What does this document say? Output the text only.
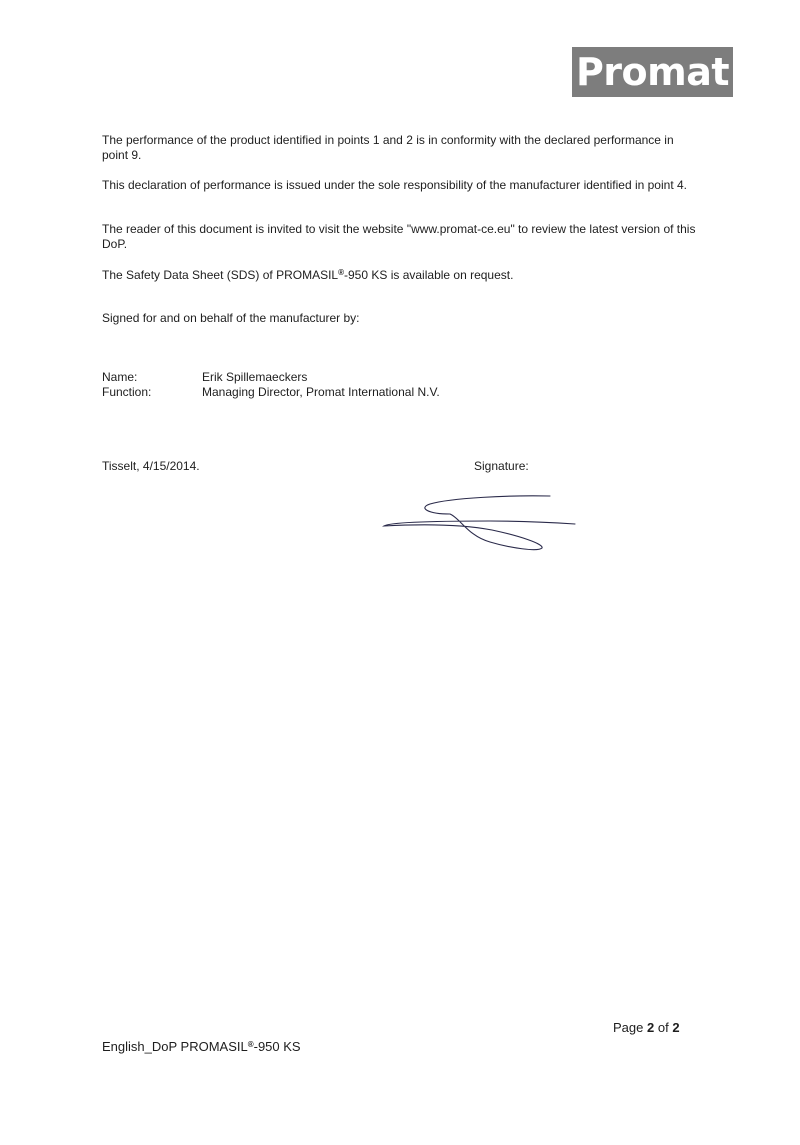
Promat

The performance of the product identified in points 1 and 2 is in conformity with the declared performance in point 9.

This declaration of performance is issued under the sole responsibility of the manufacturer identified in point 4.

The reader of this document is invited to visit the website "www.promat-ce.eu" to review the latest version of this DoP.

The Safety Data Sheet (SDS) of PROMASIL®-950 KS is available on request.

Signed for and on behalf of the manufacturer by:

Name:	Erik Spillemaeckers
Function:	Managing Director, Promat International N.V.
Tisselt, 4/15/2014.	Signature:
Page 2 of 2
English_DoP PROMASIL®-950 KS
